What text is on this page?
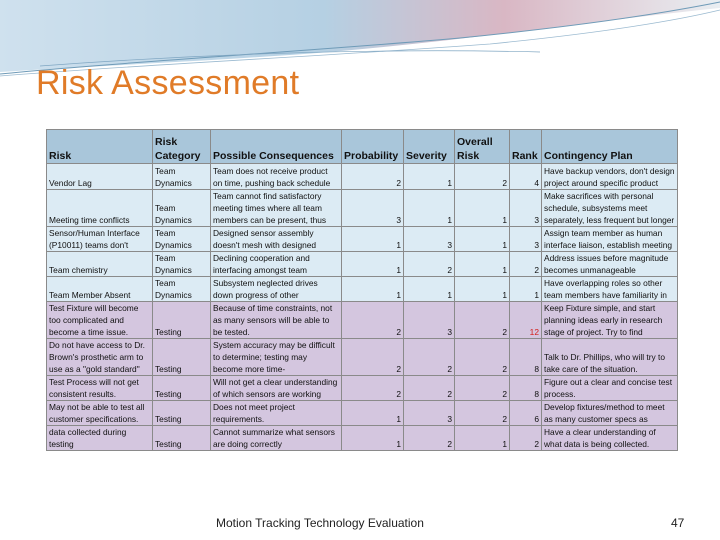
Risk Assessment
Risk	Risk Category	Possible Consequences	Probability	Severity	Overall Risk	Rank	Contingency Plan
Vendor Lag	Team Dynamics	Team does not receive product on time, pushing back schedule	2	1	2	4	Have backup vendors, don't design project around specific product
Meeting time conflicts	Team Dynamics	Team cannot find satisfactory meeting times where all team members can be present, thus	3	1	1	3	Make sacrifices with personal schedule, subsystems meet separately, less frequent but longer
Sensor/Human Interface (P10011) teams don't	Team Dynamics	Designed sensor assembly doesn't mesh with designed	1	3	1	3	Assign team member as human interface liaison, establish meeting
Team chemistry	Team Dynamics	Declining cooperation and interfacing amongst team	1	2	1	2	Address issues before magnitude becomes unmanageable
Team Member Absent	Team Dynamics	Subsystem neglected drives down progress of other	1	1	1	1	Have overlapping roles so other team members have familiarity in
Test Fixture will become too complicated and become a time issue.	Testing	Because of time constraints, not as many sensors will be able to be tested.	2	3	2	12	Keep Fixture simple, and start planning ideas early in research stage of project. Try to find
Do not have access to Dr. Brown's prosthetic arm to use as a "gold standard"	Testing	System accuracy may be difficult to determine; testing may become more time-	2	2	2	8	Talk to Dr. Phillips, who will try to take care of the situation.
Test Process will not get consistent results.	Testing	Will not get a clear understanding of which sensors are working	2	2	2	8	Figure out a clear and concise test process.
May not be able to test all customer specifications.	Testing	Does not meet project requirements.	1	3	2	6	Develop fixtures/method to meet as many customer specs as
data collected during testing	Testing	Cannot summarize what sensors are doing correctly	1	2	1	2	Have a clear understanding of what data is being collected.
Motion Tracking Technology Evaluation	47
